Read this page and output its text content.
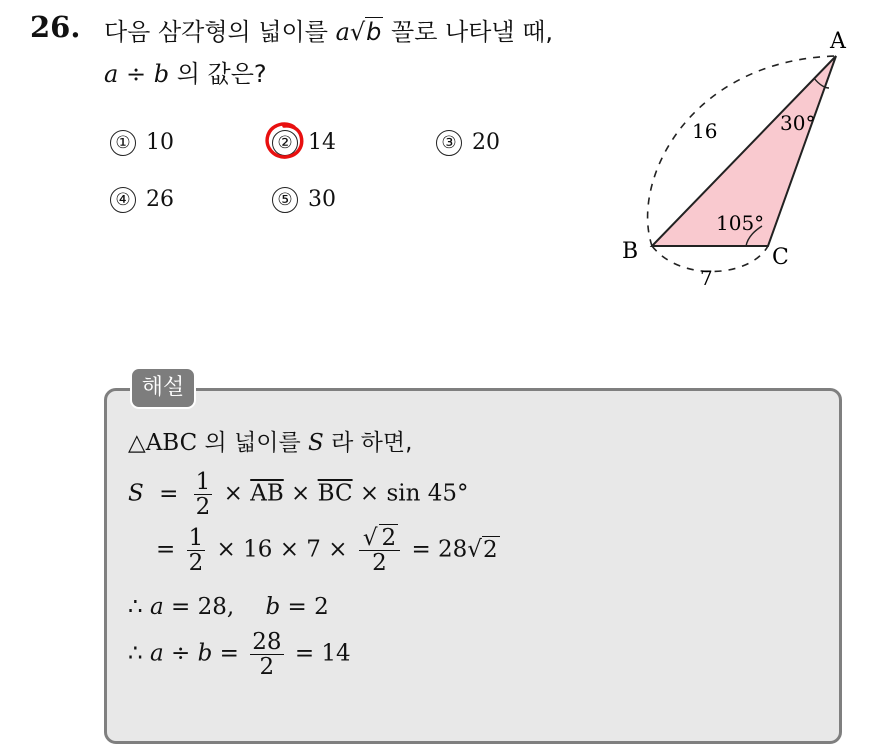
26. 다음 삼각형의 넓이를 a√b 꼴로 나타낼 때,
a ÷ b 의 값은?
① 10	② 14	③ 20
④ 26	⑤ 30
A
B	C
30°
105°
16
7
해설
△ABC 의 넓이를 S 라 하면,
$S = \frac{1}{2} \times \overline{AB} \times \overline{BC} \times \sin 45^\circ$
= $\frac{1}{2} \times 16 \times 7 \times \frac{√ 2}{2} = 28√2$
∴ a = 28, b = 2
∴ $a \div b = \frac{28}{2} = 14$
